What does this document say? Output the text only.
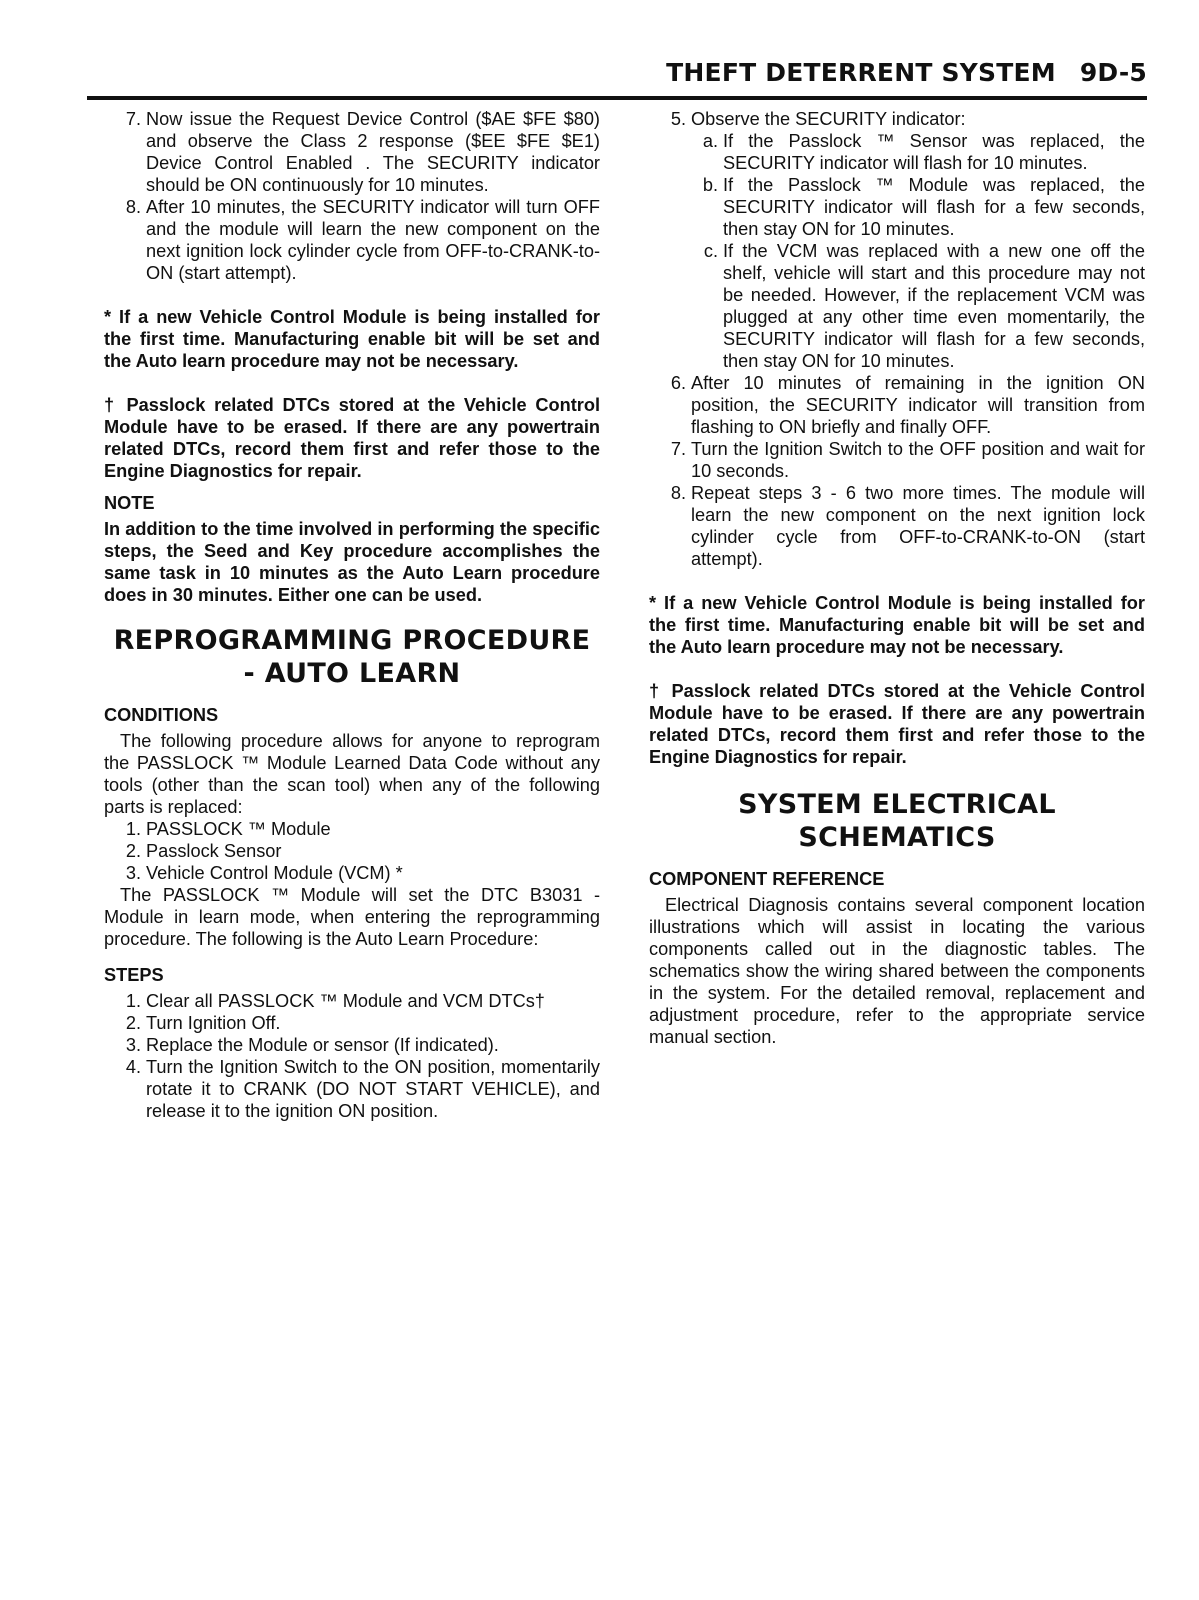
THEFT DETERRENT SYSTEM 9D-5
7. Now issue the Request Device Control ($AE $FE $80) and observe the Class 2 response ($EE $FE $E1) Device Control Enabled . The SECURITY indicator should be ON continuously for 10 minutes.
8. After 10 minutes, the SECURITY indicator will turn OFF and the module will learn the new component on the next ignition lock cylinder cycle from OFF-to-CRANK-to-ON (start attempt).
* If a new Vehicle Control Module is being installed for the first time. Manufacturing enable bit will be set and the Auto learn procedure may not be necessary.
† Passlock related DTCs stored at the Vehicle Control Module have to be erased. If there are any powertrain related DTCs, record them first and refer those to the Engine Diagnostics for repair.
NOTE
In addition to the time involved in performing the specific steps, the Seed and Key procedure accomplishes the same task in 10 minutes as the Auto Learn procedure does in 30 minutes. Either one can be used.
REPROGRAMMING PROCEDURE
- AUTO LEARN
CONDITIONS
The following procedure allows for anyone to reprogram the PASSLOCK ™ Module Learned Data Code without any tools (other than the scan tool) when any of the following parts is replaced:
1. PASSLOCK ™ Module
2. Passlock Sensor
3. Vehicle Control Module (VCM) *
The PASSLOCK ™ Module will set the DTC B3031 - Module in learn mode, when entering the reprogramming procedure. The following is the Auto Learn Procedure:
STEPS
1. Clear all PASSLOCK ™ Module and VCM DTCs†
2. Turn Ignition Off.
3. Replace the Module or sensor (If indicated).
4. Turn the Ignition Switch to the ON position, momentarily rotate it to CRANK (DO NOT START VEHICLE), and release it to the ignition ON position.
5. Observe the SECURITY indicator:
a. If the Passlock ™ Sensor was replaced, the SECURITY indicator will flash for 10 minutes.
b. If the Passlock ™ Module was replaced, the SECURITY indicator will flash for a few seconds, then stay ON for 10 minutes.
c. If the VCM was replaced with a new one off the shelf, vehicle will start and this procedure may not be needed. However, if the replacement VCM was plugged at any other time even momentarily, the SECURITY indicator will flash for a few seconds, then stay ON for 10 minutes.
6. After 10 minutes of remaining in the ignition ON position, the SECURITY indicator will transition from flashing to ON briefly and finally OFF.
7. Turn the Ignition Switch to the OFF position and wait for 10 seconds.
8. Repeat steps 3 - 6 two more times. The module will learn the new component on the next ignition lock cylinder cycle from OFF-to-CRANK-to-ON (start attempt).
* If a new Vehicle Control Module is being installed for the first time. Manufacturing enable bit will be set and the Auto learn procedure may not be necessary.
† Passlock related DTCs stored at the Vehicle Control Module have to be erased. If there are any powertrain related DTCs, record them first and refer those to the Engine Diagnostics for repair.
SYSTEM ELECTRICAL
SCHEMATICS
COMPONENT REFERENCE
Electrical Diagnosis contains several component location illustrations which will assist in locating the various components called out in the diagnostic tables. The schematics show the wiring shared between the components in the system. For the detailed removal, replacement and adjustment procedure, refer to the appropriate service manual section.
